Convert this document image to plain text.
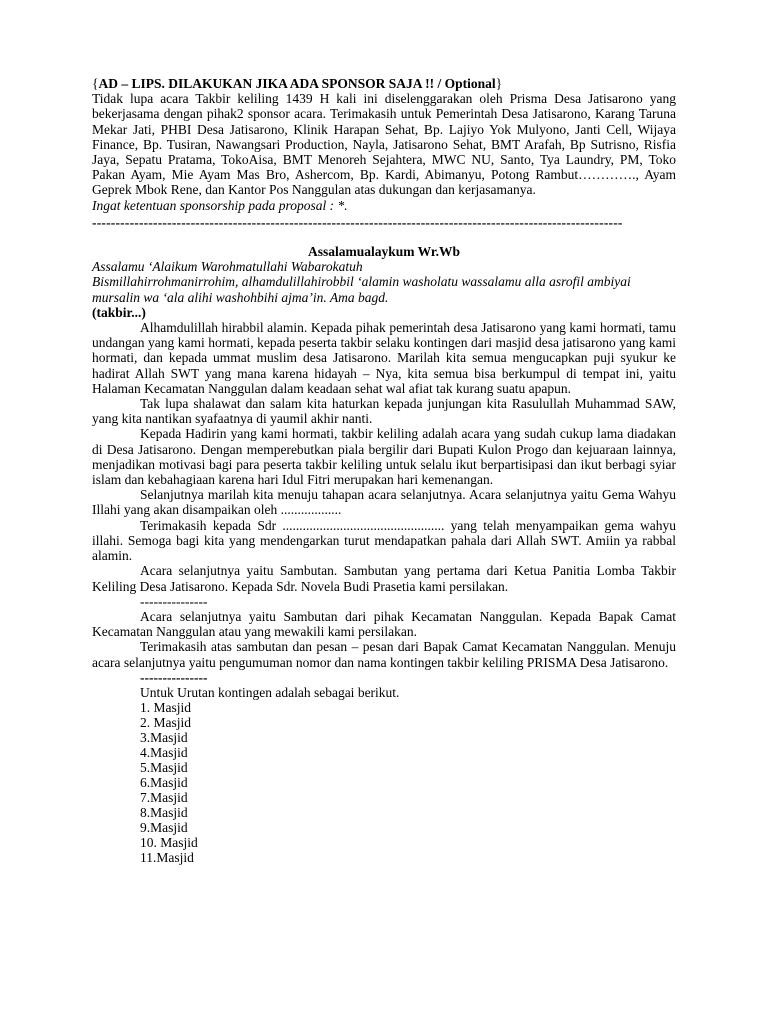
{AD – LIPS. DILAKUKAN JIKA ADA SPONSOR SAJA !! / Optional}

Tidak lupa acara Takbir keliling 1439 H kali ini diselenggarakan oleh Prisma Desa Jatisarono yang bekerjasama dengan pihak2 sponsor acara. Terimakasih untuk Pemerintah Desa Jatisarono, Karang Taruna Mekar Jati, PHBI Desa Jatisarono, Klinik Harapan Sehat, Bp. Lajiyo Yok Mulyono, Janti Cell, Wijaya Finance, Bp. Tusiran, Nawangsari Production, Nayla, Jatisarono Sehat, BMT Arafah, Bp Sutrisno, Risfia Jaya, Sepatu Pratama, TokoAisa, BMT Menoreh Sejahtera, MWC NU, Santo, Tya Laundry, PM, Toko Pakan Ayam, Mie Ayam Mas Bro, Ashercom, Bp. Kardi, Abimanyu, Potong Rambut…………., Ayam Geprek Mbok Rene, dan Kantor Pos Nanggulan atas dukungan dan kerjasamanya.

Ingat ketentuan sponsorship pada proposal : *.

-----------------------------------------------------------------------------------------------------------------

Assalamualaykum Wr.Wb

Assalamu ‘Alaikum Warohmatullahi Wabarokatuh

Bismillahirrohmanirrohim, alhamdulillahirobbil ‘alamin washolatu wassalamu alla asrofil ambiyai mursalin wa ‘ala alihi washohbihi ajma’in. Ama bagd.

(takbir...)

Alhamdulillah hirabbil alamin. Kepada pihak pemerintah desa Jatisarono yang kami hormati, tamu undangan yang kami hormati, kepada peserta takbir selaku kontingen dari masjid desa jatisarono yang kami hormati, dan kepada ummat muslim desa Jatisarono. Marilah kita semua mengucapkan puji syukur ke hadirat Allah SWT yang mana karena hidayah – Nya, kita semua bisa berkumpul di tempat ini, yaitu Halaman Kecamatan Nanggulan dalam keadaan sehat wal afiat tak kurang suatu apapun.

Tak lupa shalawat dan salam kita haturkan kepada junjungan kita Rasulullah Muhammad SAW, yang kita nantikan syafaatnya di yaumil akhir nanti.

Kepada Hadirin yang kami hormati, takbir keliling adalah acara yang sudah cukup lama diadakan di Desa Jatisarono. Dengan memperebutkan piala bergilir dari Bupati Kulon Progo dan kejuaraan lainnya, menjadikan motivasi bagi para peserta takbir keliling untuk selalu ikut berpartisipasi dan ikut berbagi syiar islam dan kebahagiaan karena hari Idul Fitri merupakan hari kemenangan.

Selanjutnya marilah kita menuju tahapan acara selanjutnya. Acara selanjutnya yaitu Gema Wahyu Illahi yang akan disampaikan oleh ..................

Terimakasih kepada Sdr ................................................ yang telah menyampaikan gema wahyu illahi. Semoga bagi kita yang mendengarkan turut mendapatkan pahala dari Allah SWT. Amiin ya rabbal alamin.

Acara selanjutnya yaitu Sambutan. Sambutan yang pertama dari Ketua Panitia Lomba Takbir Keliling Desa Jatisarono. Kepada Sdr. Novela Budi Prasetia kami persilakan.

---------------

Acara selanjutnya yaitu Sambutan dari pihak Kecamatan Nanggulan. Kepada Bapak Camat Kecamatan Nanggulan atau yang mewakili kami persilakan.

Terimakasih atas sambutan dan pesan – pesan dari Bapak Camat Kecamatan Nanggulan. Menuju acara selanjutnya yaitu pengumuman nomor dan nama kontingen takbir keliling PRISMA Desa Jatisarono.

---------------

Untuk Urutan kontingen adalah sebagai berikut.

1. Masjid
2. Masjid
3.Masjid
4.Masjid
5.Masjid
6.Masjid
7.Masjid
8.Masjid
9.Masjid
10. Masjid
11.Masjid
